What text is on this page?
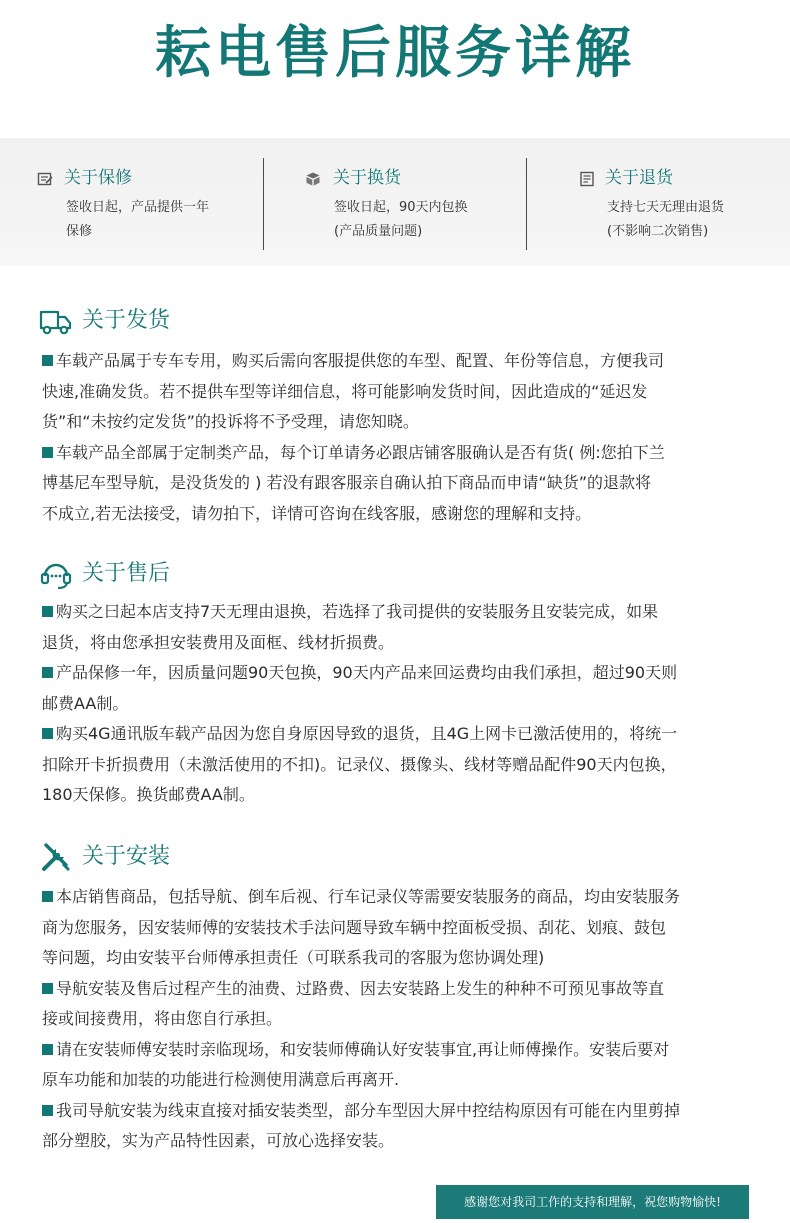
耘电售后服务详解
关于保修
签收日起，产品提供一年
保修
关于换货
签收日起，90天内包换
(产品质量问题)
关于退货
支持七天无理由退货
(不影响二次销售)
关于发货
车载产品属于专车专用，购买后需向客服提供您的车型、配置、年份等信息，方便我司
快速,准确发货。若不提供车型等详细信息，将可能影响发货时间，因此造成的“延迟发
货”和“未按约定发货”的投诉将不予受理，请您知晓。
车载产品全部属于定制类产品，每个订单请务必跟店铺客服确认是否有货( 例:您拍下兰
博基尼车型导航，是没货发的 ) 若没有跟客服亲自确认拍下商品而申请“缺货”的退款将
不成立,若无法接受，请勿拍下，详情可咨询在线客服，感谢您的理解和支持。
关于售后
购买之曰起本店支持7天无理由退换，若选择了我司提供的安装服务且安装完成，如果
退货，将由您承担安装费用及面框、线材折损费。
产品保修一年，因质量问题90天包换，90天内产品来回运费均由我们承担，超过90天则
邮费AA制。
购买4G通讯版车载产品因为您自身原因导致的退货，且4G上网卡已激活使用的，将统一
扣除开卡折损费用（未激活使用的不扣)。记录仪、摄像头、线材等赠品配件90天内包换，
180天保修。换货邮费AA制。
关于安装
本店销售商品，包括导航、倒车后视、行车记录仪等需要安装服务的商品，均由安装服务
商为您服务，因安装师傅的安装技术手法问题导致车辆中控面板受损、刮花、划痕、鼓包
等问题，均由安装平台师傅承担责任（可联系我司的客服为您协调处理)
导航安装及售后过程产生的油费、过路费、因去安装路上发生的种种不可预见事故等直
接或间接费用，将由您自行承担。
请在安装师傅安装时亲临现场，和安装师傅确认好安装事宜,再让师傅操作。安装后要对
原车功能和加装的功能进行检测使用满意后再离开.
我司导航安装为线束直接对插安装类型，部分车型因大屏中控结构原因有可能在内里剪掉
部分塑胶，实为产品特性因素，可放心选择安装。
感谢您对我司工作的支持和理解，祝您购物愉快!
